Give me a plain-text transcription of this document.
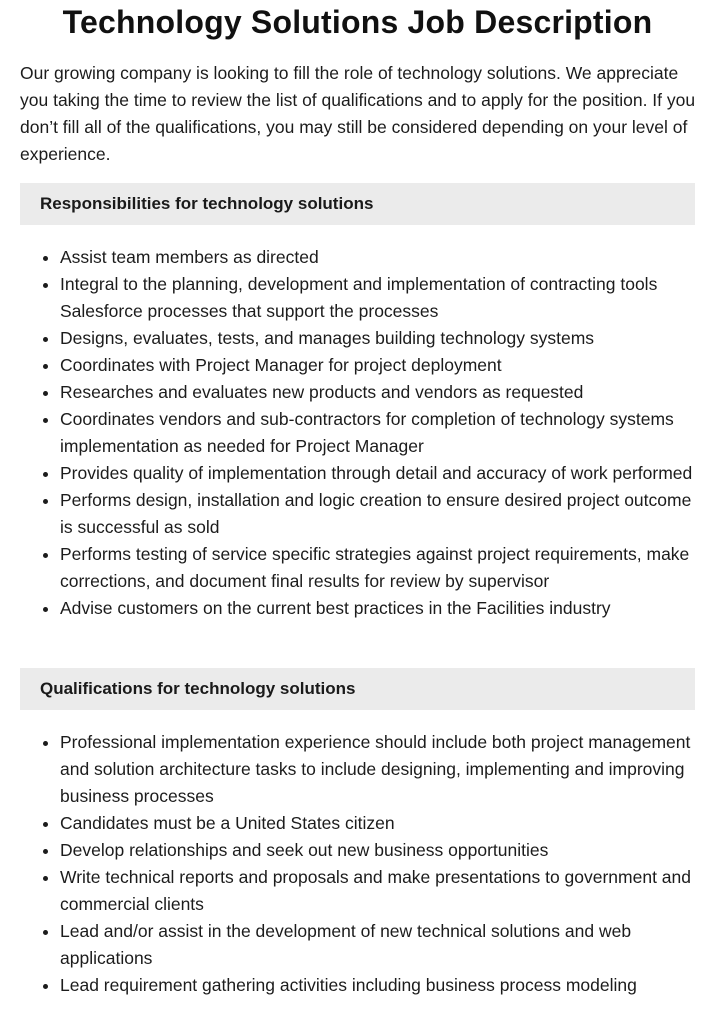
Technology Solutions Job Description

Our growing company is looking to fill the role of technology solutions. We appreciate you taking the time to review the list of qualifications and to apply for the position. If you don’t fill all of the qualifications, you may still be considered depending on your level of experience.

Responsibilities for technology solutions
• Assist team members as directed
• Integral to the planning, development and implementation of contracting tools Salesforce processes that support the processes
• Designs, evaluates, tests, and manages building technology systems
• Coordinates with Project Manager for project deployment
• Researches and evaluates new products and vendors as requested
• Coordinates vendors and sub-contractors for completion of technology systems implementation as needed for Project Manager
• Provides quality of implementation through detail and accuracy of work performed
• Performs design, installation and logic creation to ensure desired project outcome is successful as sold
• Performs testing of service specific strategies against project requirements, make corrections, and document final results for review by supervisor
• Advise customers on the current best practices in the Facilities industry
Qualifications for technology solutions
• Professional implementation experience should include both project management and solution architecture tasks to include designing, implementing and improving business processes
• Candidates must be a United States citizen
• Develop relationships and seek out new business opportunities
• Write technical reports and proposals and make presentations to government and commercial clients
• Lead and/or assist in the development of new technical solutions and web applications
• Lead requirement gathering activities including business process modeling
